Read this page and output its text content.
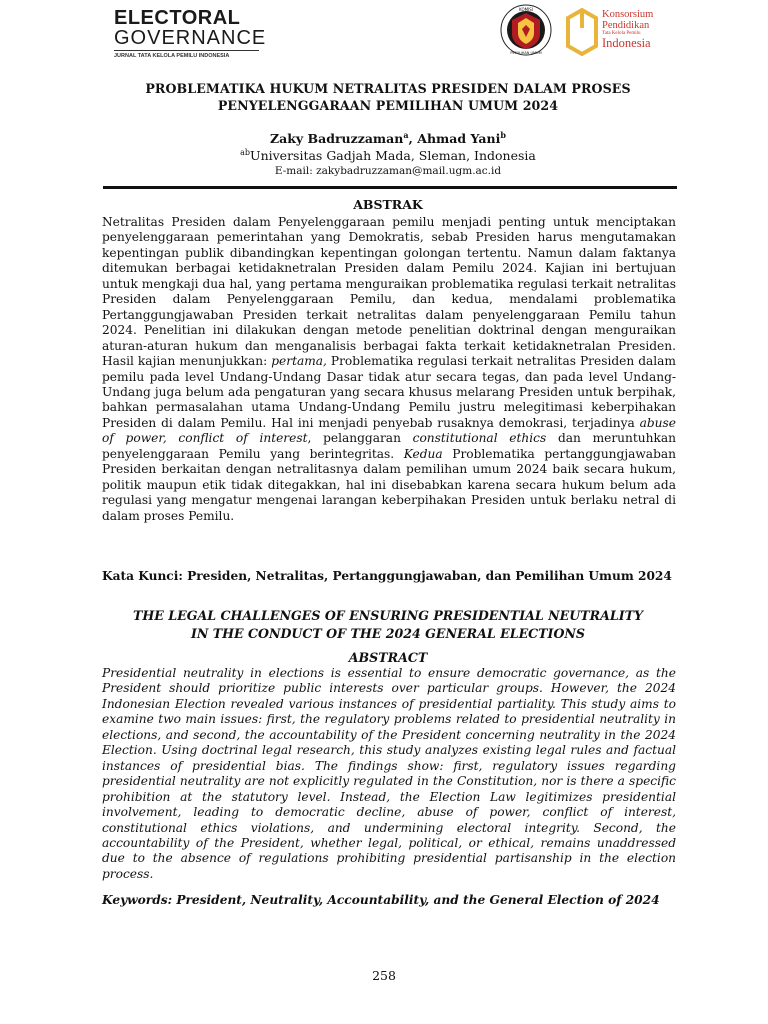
ELECTORAL
GOVERNANCE
JURNAL TATA KELOLA PEMILU INDONESIA
KOMISI
PEMILIHAN UMUM
Konsorsium
Pendidikan
Tata Kelola Pemilu
Indonesia
PROBLEMATIKA HUKUM NETRALITAS PRESIDEN DALAM PROSES
PENYELENGGARAAN PEMILIHAN UMUM 2024
Zaky Badruzzaman$^a$, Ahmad Yani$^b$
$^{ab}$Universitas Gadjah Mada, Sleman, Indonesia
E-mail: zakybadruzzaman@mail.ugm.ac.id
ABSTRAK
Netralitas Presiden dalam Penyelenggaraan pemilu menjadi penting untuk menciptakan penyelenggaraan pemerintahan yang Demokratis, sebab Presiden harus mengutamakan kepentingan publik dibandingkan kepentingan golongan tertentu. Namun dalam faktanya ditemukan berbagai ketidaknetralan Presiden dalam Pemilu 2024. Kajian ini bertujuan untuk mengkaji dua hal, yang pertama menguraikan problematika regulasi terkait netralitas Presiden dalam Penyelenggaraan Pemilu, dan kedua, mendalami problematika Pertanggungjawaban Presiden terkait netralitas dalam penyelenggaraan Pemilu tahun 2024. Penelitian ini dilakukan dengan metode penelitian doktrinal dengan menguraikan aturan-aturan hukum dan menganalisis berbagai fakta terkait ketidaknetralan Presiden. Hasil kajian menunjukkan: pertama, Problematika regulasi terkait netralitas Presiden dalam pemilu pada level Undang-Undang Dasar tidak atur secara tegas, dan pada level Undang-Undang juga belum ada pengaturan yang secara khusus melarang Presiden untuk berpihak, bahkan permasalahan utama Undang-Undang Pemilu justru melegitimasi keberpihakan Presiden di dalam Pemilu. Hal ini menjadi penyebab rusaknya demokrasi, terjadinya abuse of power, conflict of interest, pelanggaran constitutional ethics dan meruntuhkan penyelenggaraan Pemilu yang berintegritas. Kedua Problematika pertanggungjawaban Presiden berkaitan dengan netralitasnya dalam pemilihan umum 2024 baik secara hukum, politik maupun etik tidak ditegakkan, hal ini disebabkan karena secara hukum belum ada regulasi yang mengatur mengenai larangan keberpihakan Presiden untuk berlaku netral di dalam proses Pemilu.
Kata Kunci: Presiden, Netralitas, Pertanggungjawaban, dan Pemilihan Umum 2024
THE LEGAL CHALLENGES OF ENSURING PRESIDENTIAL NEUTRALITY
IN THE CONDUCT OF THE 2024 GENERAL ELECTIONS
ABSTRACT
Presidential neutrality in elections is essential to ensure democratic governance, as the President should prioritize public interests over particular groups. However, the 2024 Indonesian Election revealed various instances of presidential partiality. This study aims to examine two main issues: first, the regulatory problems related to presidential neutrality in elections, and second, the accountability of the President concerning neutrality in the 2024 Election. Using doctrinal legal research, this study analyzes existing legal rules and factual instances of presidential bias. The findings show: first, regulatory issues regarding presidential neutrality are not explicitly regulated in the Constitution, nor is there a specific prohibition at the statutory level. Instead, the Election Law legitimizes presidential involvement, leading to democratic decline, abuse of power, conflict of interest, constitutional ethics violations, and undermining electoral integrity. Second, the accountability of the President, whether legal, political, or ethical, remains unaddressed due to the absence of regulations prohibiting presidential partisanship in the election process.
Keywords: President, Neutrality, Accountability, and the General Election of 2024
258
